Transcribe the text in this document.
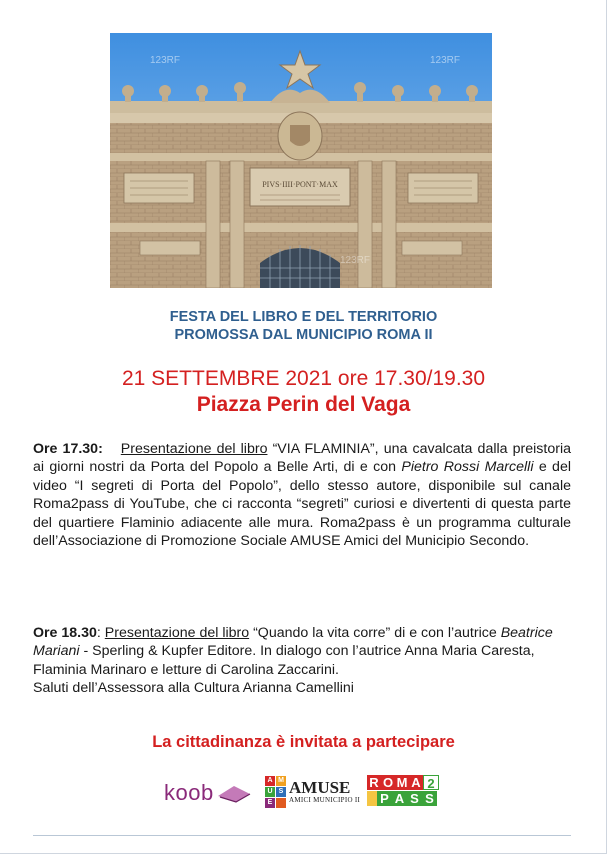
PIVS·IIII·PONT·MAX
123RF	123RF
123RF
FESTA DEL LIBRO E DEL TERRITORIO
PROMOSSA DAL MUNICIPIO ROMA II
21 SETTEMBRE 2021 ore 17.30/19.30
Piazza Perin del Vaga
Ore 17.30: Presentazione del libro “VIA FLAMINIA”, una cavalcata dalla preistoria ai giorni nostri da Porta del Popolo a Belle Arti, di e con Pietro Rossi Marcelli e del video “I segreti di Porta del Popolo”, dello stesso autore, disponibile sul canale Roma2pass di YouTube, che ci racconta “segreti” curiosi e divertenti di questa parte del quartiere Flaminio adiacente alle mura. Roma2pass è un programma culturale dell’Associazione di Promozione Sociale AMUSE Amici del Municipio Secondo.
Ore 18.30: Presentazione del libro “Quando la vita corre” di e con l’autrice Beatrice Mariani - Sperling & Kupfer Editore. In dialogo con l’autrice Anna Maria Caresta, Flaminia Marinaro e letture di Carolina Zaccarini.
Saluti dell’Assessora alla Cultura Arianna Camellini
La cittadinanza è invitata a partecipare
koob	A M
U S
E
AMUSE
AMICI MUNICIPIO II
R O M A 2
P A S S
